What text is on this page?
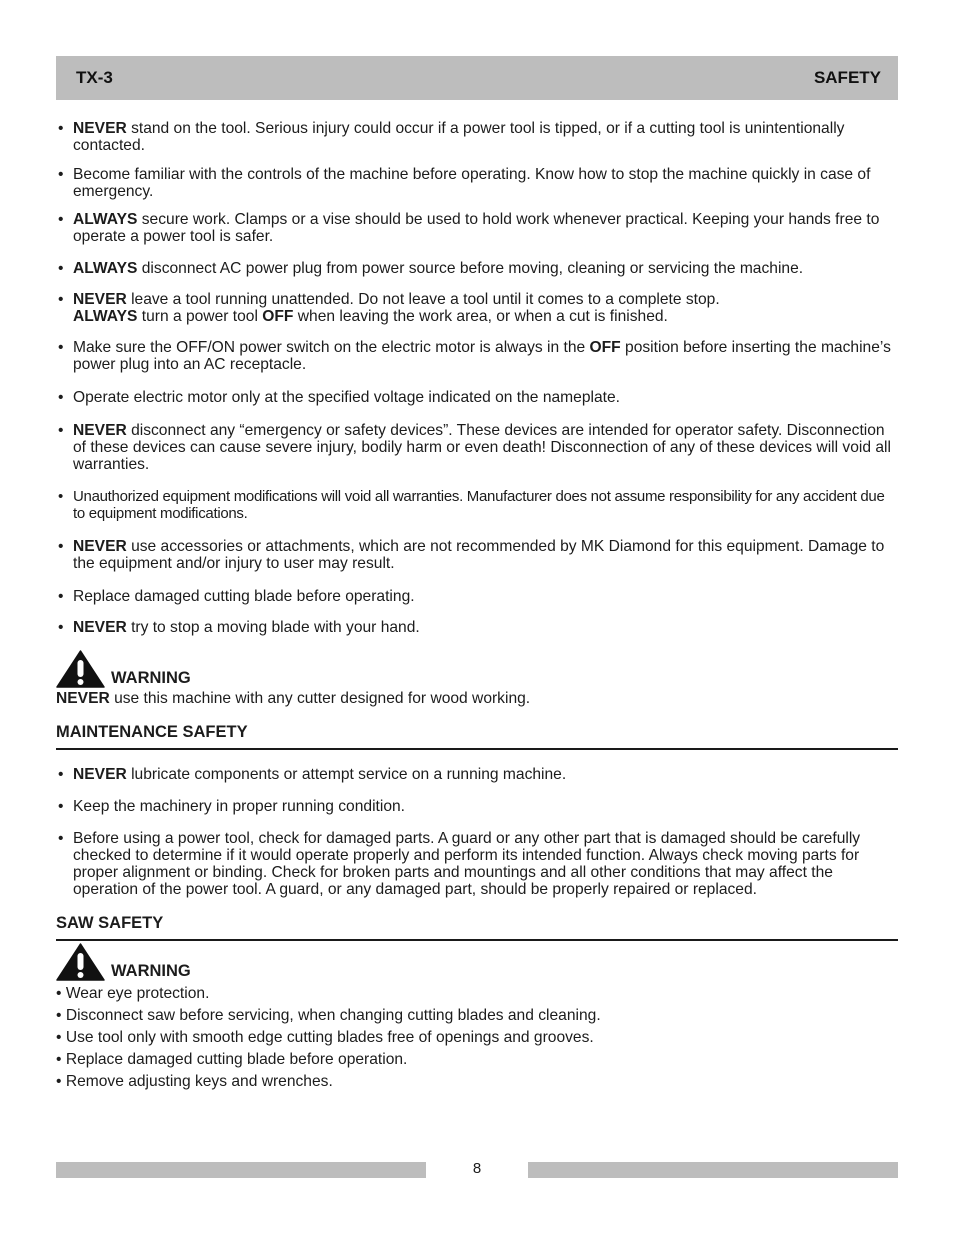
TX-3	SAFETY
• NEVER stand on the tool. Serious injury could occur if a power tool is tipped, or if a cutting tool is unintentionally contacted.
• Become familiar with the controls of the machine before operating. Know how to stop the machine quickly in case of emergency.
• ALWAYS secure work. Clamps or a vise should be used to hold work whenever practical. Keeping your hands free to operate a power tool is safer.
• ALWAYS disconnect AC power plug from power source before moving, cleaning or servicing the machine.
• NEVER leave a tool running unattended. Do not leave a tool until it comes to a complete stop.
ALWAYS turn a power tool OFF when leaving the work area, or when a cut is finished.
• Make sure the OFF/ON power switch on the electric motor is always in the OFF position before inserting the machine’s power plug into an AC receptacle.
• Operate electric motor only at the specified voltage indicated on the nameplate.
• NEVER disconnect any “emergency or safety devices”. These devices are intended for operator safety. Disconnection of these devices can cause severe injury, bodily harm or even death! Disconnection of any of these devices will void all warranties.
• Unauthorized equipment modifications will void all warranties. Manufacturer does not assume responsibility for any accident due to equipment modifications.
• NEVER use accessories or attachments, which are not recommended by MK Diamond for this equipment. Damage to the equipment and/or injury to user may result.
• Replace damaged cutting blade before operating.
• NEVER try to stop a moving blade with your hand.
WARNING
NEVER use this machine with any cutter designed for wood working.
MAINTENANCE SAFETY
• NEVER lubricate components or attempt service on a running machine.
• Keep the machinery in proper running condition.
• Before using a power tool, check for damaged parts. A guard or any other part that is damaged should be carefully checked to determine if it would operate properly and perform its intended function. Always check moving parts for proper alignment or binding. Check for broken parts and mountings and all other conditions that may affect the operation of the power tool. A guard, or any damaged part, should be properly repaired or replaced.
SAW SAFETY
WARNING
• Wear eye protection.
• Disconnect saw before servicing, when changing cutting blades and cleaning.
• Use tool only with smooth edge cutting blades free of openings and grooves.
• Replace damaged cutting blade before operation.
• Remove adjusting keys and wrenches.
8
